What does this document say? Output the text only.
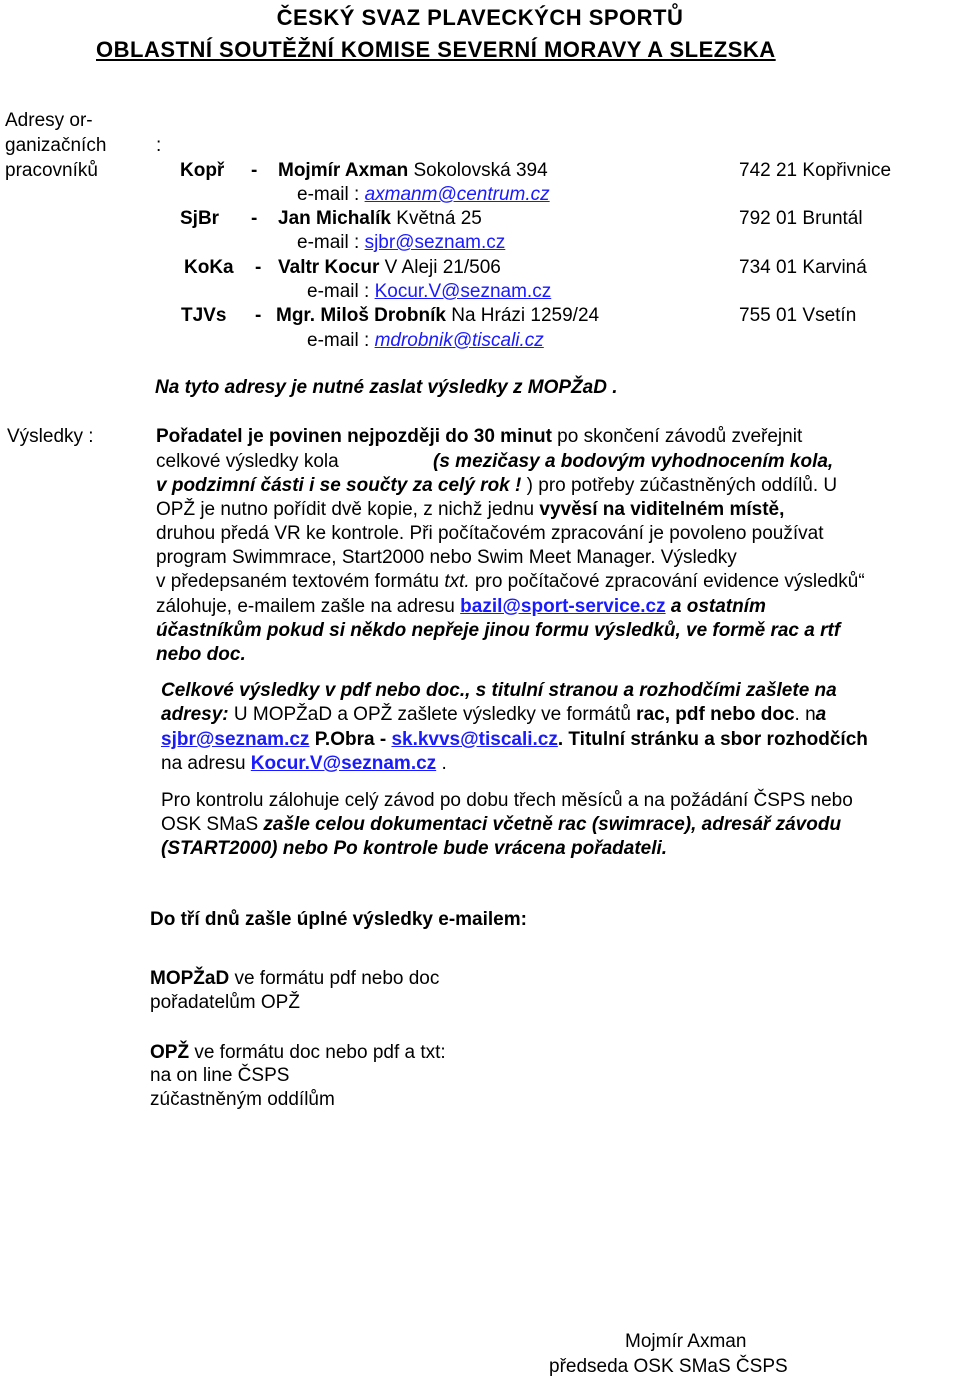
ČESKÝ SVAZ PLAVECKÝCH SPORTŮ
OBLASTNÍ SOUTĚŽNÍ KOMISE SEVERNÍ MORAVY A SLEZSKA
Adresy or-
ganizačních
pracovníků
:
Kopř - Mojmír Axman Sokolovská 394	742 21 Kopřivnice
e-mail : axmanm@centrum.cz
SjBr - Jan Michalík Květná 25	792 01 Bruntál
e-mail : sjbr@seznam.cz
KoKa - Valtr Kocur V Aleji 21/506	734 01 Karviná
e-mail : Kocur.V@seznam.cz
TJVs - Mgr. Miloš Drobník Na Hrázi 1259/24	755 01 Vsetín
e-mail : mdrobnik@tiscali.cz
Na tyto adresy je nutné zaslat výsledky z MOPŽaD .
Výsledky :	Pořadatel je povinen nejpozději do 30 minut po skončení závodů zveřejnit
celkové výsledky kola	(s mezičasy a bodovým vyhodnocením kola,
v podzimní části i se součty za celý rok ! ) pro potřeby zúčastněných oddílů. U
OPŽ je nutno pořídit dvě kopie, z nichž jednu vyvěsí na viditelném místě,
druhou předá VR ke kontrole. Při počítačovém zpracování je povoleno používat
program Swimmrace, Start2000 nebo Swim Meet Manager. Výsledky
v předepsaném textovém formátu txt. pro počítačové zpracování evidence výsledků“
zálohuje, e-mailem zašle na adresu bazil@sport-service.cz a ostatním
účastníkům pokud si někdo nepřeje jinou formu výsledků, ve formě rac a rtf
nebo doc.
Celkové výsledky v pdf nebo doc., s titulní stranou a rozhodčími zašlete na
adresy: U MOPŽaD a OPŽ zašlete výsledky ve formátů rac, pdf nebo doc. na
sjbr@seznam.cz P.Obra - sk.kvvs@tiscali.cz. Titulní stránku a sbor rozhodčích
na adresu Kocur.V@seznam.cz .
Pro kontrolu zálohuje celý závod po dobu třech měsíců a na požádání ČSPS nebo
OSK SMaS zašle celou dokumentaci včetně rac (swimrace), adresář závodu
(START2000) nebo Po kontrole bude vrácena pořadateli.
Do tří dnů zašle úplné výsledky e-mailem:
MOPŽaD ve formátu pdf nebo doc
pořadatelům OPŽ
OPŽ ve formátu doc nebo pdf a txt:
na on line ČSPS
zúčastněným oddílům
Mojmír Axman
předseda OSK SMaS ČSPS
